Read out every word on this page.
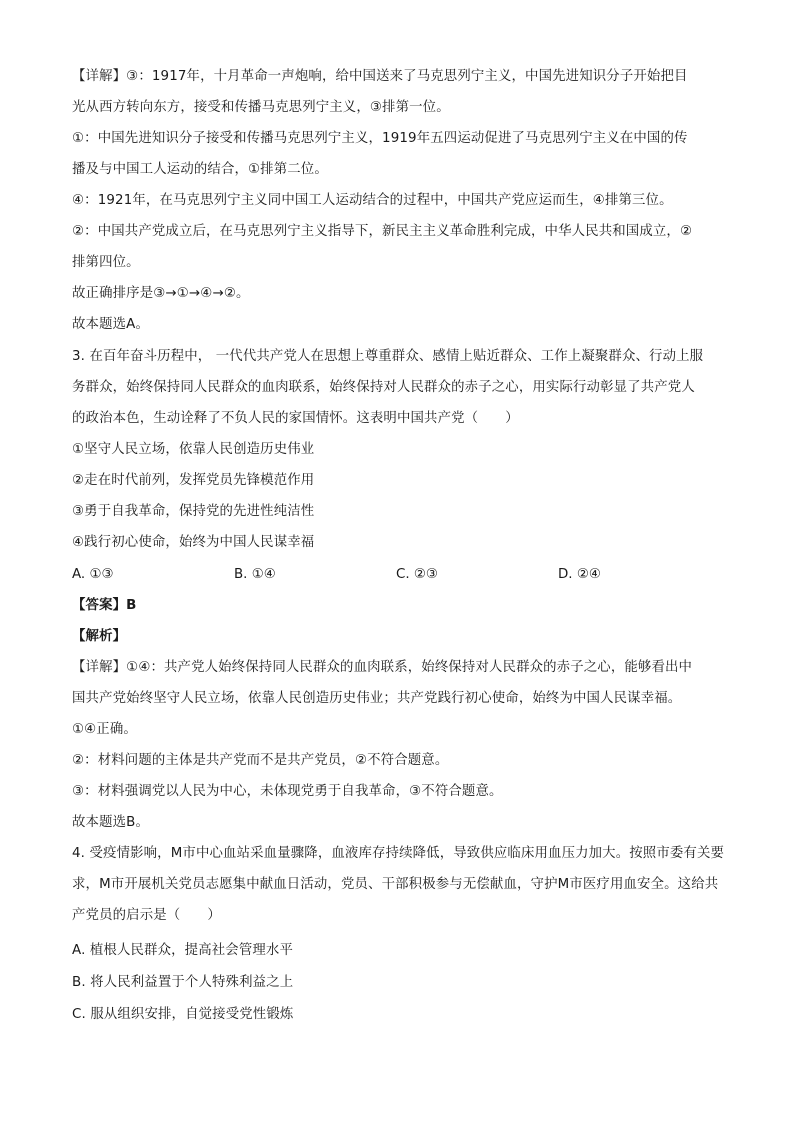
【详解】③：1917年，十月革命一声炮响，给中国送来了马克思列宁主义，中国先进知识分子开始把目
光从西方转向东方，接受和传播马克思列宁主义，③排第一位。
①：中国先进知识分子接受和传播马克思列宁主义，1919年五四运动促进了马克思列宁主义在中国的传
播及与中国工人运动的结合，①排第二位。
④：1921年，在马克思列宁主义同中国工人运动结合的过程中，中国共产党应运而生，④排第三位。
②：中国共产党成立后，在马克思列宁主义指导下，新民主主义革命胜利完成，中华人民共和国成立，②
排第四位。
故正确排序是③→①→④→②。
故本题选A。
3. 在百年奋斗历程中， 一代代共产党人在思想上尊重群众、感情上贴近群众、工作上凝聚群众、行动上服
务群众，始终保持同人民群众的血肉联系，始终保持对人民群众的赤子之心，用实际行动彰显了共产党人
的政治本色，生动诠释了不负人民的家国情怀。这表明中国共产党（　　）
①坚守人民立场，依靠人民创造历史伟业
②走在时代前列，发挥党员先锋模范作用
③勇于自我革命，保持党的先进性纯洁性
④践行初心使命，始终为中国人民谋幸福
A. ①③	B. ①④	C. ②③	D. ②④
【答案】B
【解析】
【详解】①④：共产党人始终保持同人民群众的血肉联系，始终保持对人民群众的赤子之心，能够看出中
国共产党始终坚守人民立场，依靠人民创造历史伟业；共产党践行初心使命，始终为中国人民谋幸福。
①④正确。
②：材料问题的主体是共产党而不是共产党员，②不符合题意。
③：材料强调党以人民为中心，未体现党勇于自我革命，③不符合题意。
故本题选B。
4. 受疫情影响，M市中心血站采血量骤降，血液库存持续降低，导致供应临床用血压力加大。按照市委有关要
求，M市开展机关党员志愿集中献血日活动，党员、干部积极参与无偿献血，守护M市医疗用血安全。这给共
产党员的启示是（　　）
A. 植根人民群众，提高社会管理水平
B. 将人民利益置于个人特殊利益之上
C. 服从组织安排，自觉接受党性锻炼
